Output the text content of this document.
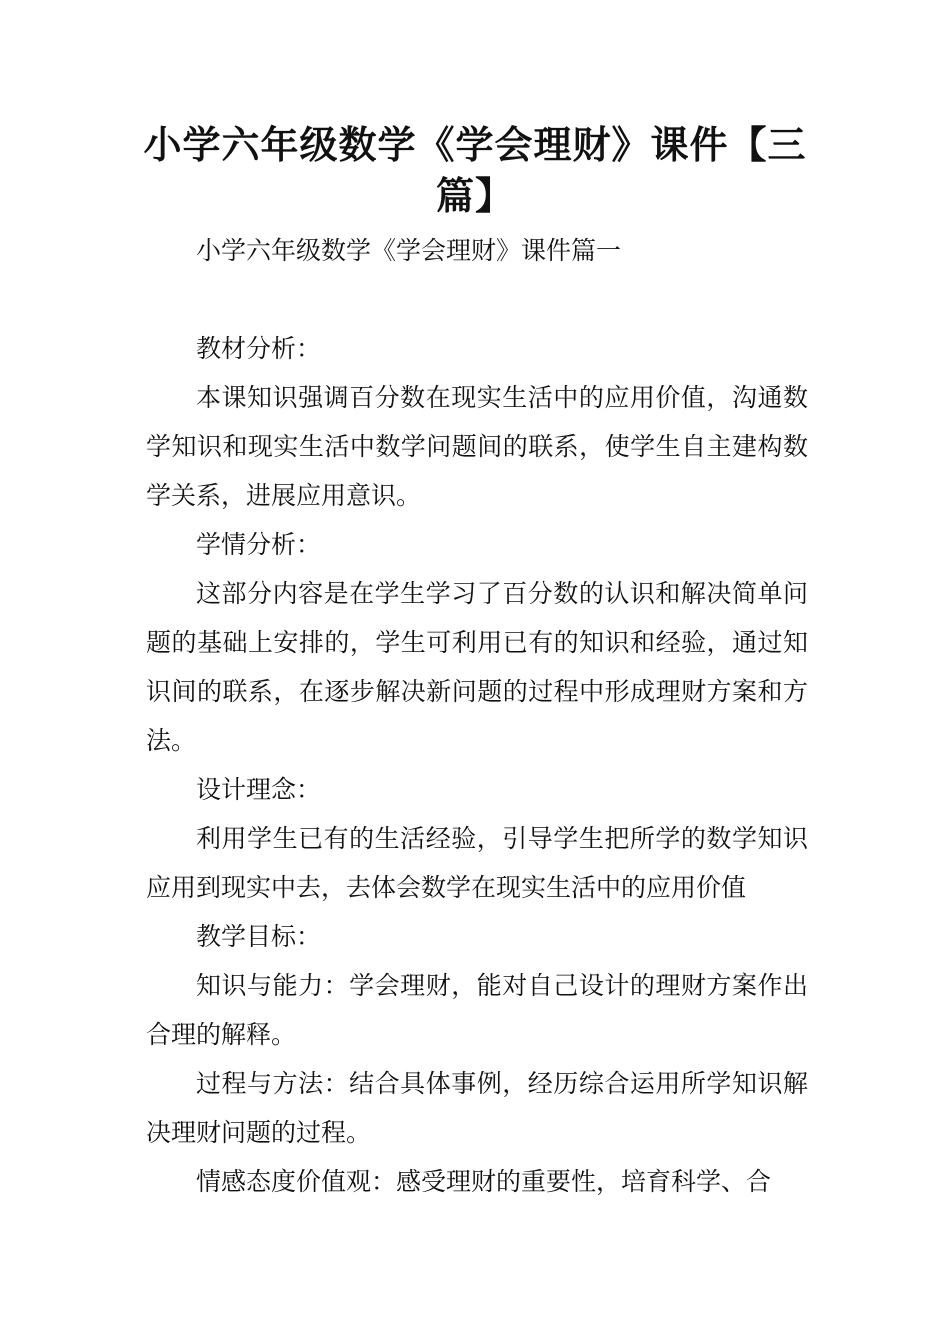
小学六年级数学《学会理财》课件【三篇】

小学六年级数学《学会理财》课件篇一

教材分析：

本课知识强调百分数在现实生活中的应用价值，沟通数学知识和现实生活中数学问题间的联系，使学生自主建构数学关系，进展应用意识。

学情分析：

这部分内容是在学生学习了百分数的认识和解决简单问题的基础上安排的，学生可利用已有的知识和经验，通过知识间的联系，在逐步解决新问题的过程中形成理财方案和方法。

设计理念：

利用学生已有的生活经验，引导学生把所学的数学知识应用到现实中去，去体会数学在现实生活中的应用价值

教学目标：

知识与能力：学会理财，能对自己设计的理财方案作出合理的解释。

过程与方法：结合具体事例，经历综合运用所学知识解决理财问题的过程。

情感态度价值观：感受理财的重要性，培育科学、合
